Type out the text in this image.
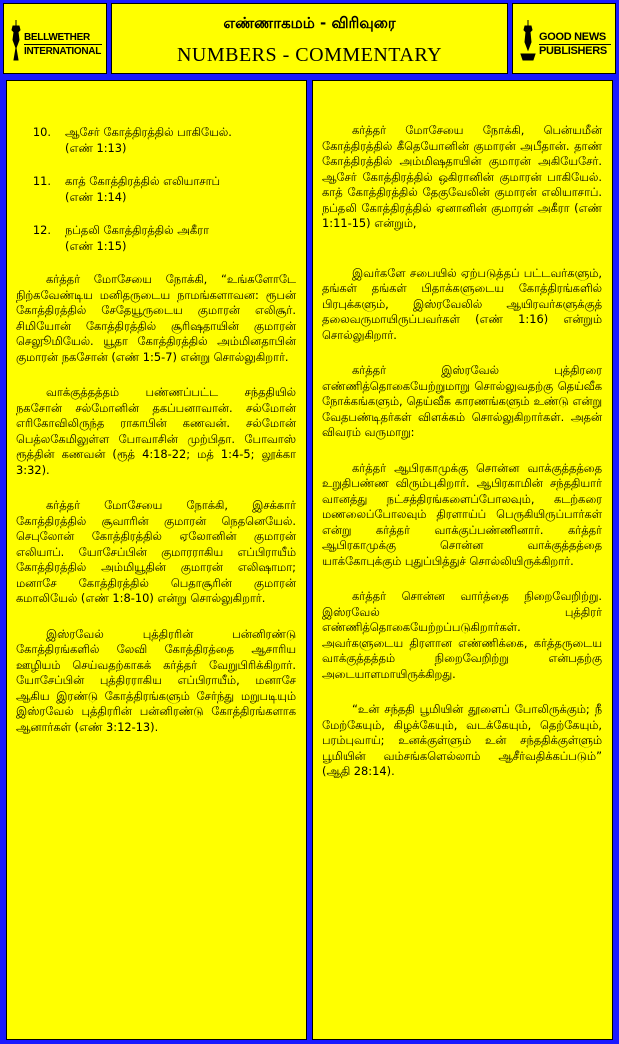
BELLWETHER
INTERNATIONAL
எண்ணாகமம் - விரிவுரை
NUMBERS - COMMENTARY
GOOD NEWS
PUBLISHERS
10.	ஆசேர் கோத்திரத்தில் பாகியேல்.
(எண் 1:13)
11.	காத் கோத்திரத்தில் எலியாசாப்
(எண் 1:14)
12.	நப்தலி கோத்திரத்தில் அகீரா
(எண் 1:15)

கர்த்தர் மோசேயை நோக்கி, “உங்களோடே நிற்கவேண்டிய மனிதருடைய நாமங்களாவன: ரூபன் கோத்திரத்தில் சேதேயூருடைய குமாரன் எலிசூர். சிமியோன் கோத்திரத்தில் சூரிஷதாயின் குமாரன் செலுூமியேல். யூதா கோத்திரத்தில் அம்மினதாபின் குமாரன் நகசோன் (எண் 1:5-7) என்று சொல்லுகிறார்.

வாக்குத்தத்தம் பண்ணப்பட்ட சந்ததியில் நகசோன் சல்மோனின் தகப்பனாவான். சல்மோன் எரிகோவிலிருந்த ராகாபின் கணவன். சல்மோன் பெத்லகேமிலுள்ள போவாசின் முற்பிதா. போவாஸ் ரூத்தின் கணவன் (ரூத் 4:18-22; மத் 1:4-5; லூக்கா 3:32).

கர்த்தர் மோசேயை நோக்கி, இசக்கார் கோத்திரத்தில் சூவாரின் குமாரன் நெதனெயேல். செபுலோன் கோத்திரத்தில் ஏலோனின் குமாரன் எலியாப். யோசேப்பின் குமாரராகிய எப்பிராயீம் கோத்திரத்தில் அம்மியூதின் குமாரன் எலிஷாமா; மனாசே கோத்திரத்தில் பெதாசூரின் குமாரன் கமாலியேல் (எண் 1:8-10) என்று சொல்லுகிறார்.

இஸ்ரவேல் புத்திரரின் பன்னிரண்டு கோத்திரங்களில் லேவி கோத்திரத்தை ஆசாரிய ஊழியம் செய்வதற்காகக் கர்த்தர் வேறுபிரிக்கிறார். யோசேப்பின் புத்திரராகிய எப்பிராயீம், மனாசே ஆகிய இரண்டு கோத்திரங்களும் சேர்ந்து மறுபடியும் இஸ்ரவேல் புத்திரரின் பன்னிரண்டு கோத்திரங்களாக ஆனார்கள் (எண் 3:12-13).

கர்த்தர் மோசேயை நோக்கி, பென்யமீன் கோத்திரத்தில் கீதெயோனின் குமாரன் அபீதான். தாண் கோத்திரத்தில் அம்மிஷதாயின் குமாரன் அகியேசேர். ஆசேர் கோத்திரத்தில் ஒகிரானின் குமாரன் பாகியேல். காத் கோத்திரத்தில் தேகுவேலின் குமாரன் எலியாசாப். நப்தலி கோத்திரத்தில் ஏனானின் குமாரன் அகீரா (எண் 1:11-15) என்றும்,

இவர்களே சபையில் ஏற்படுத்தப் பட்டவர்களும், தங்கள் தங்கள் பிதாக்களுடைய கோத்திரங்களில் பிரபுக்களும், இஸ்ரவேலில் ஆயிரவர்களுக்குத் தலைவருமாயிருப்பவர்கள் (எண் 1:16) என்றும் சொல்லுகிறார்.

கர்த்தர் இஸ்ரவேல் புத்திரரை எண்ணித்தொகையேற்றுமாறு சொல்லுவதற்கு தெய்வீக நோக்கங்களும், தெய்வீக காரணங்களும் உண்டு என்று வேதபண்டிதர்கள் விளக்கம் சொல்லுகிறார்கள். அதன் விவரம் வருமாறு:

கர்த்தர் ஆபிரகாமுக்கு சொன்ன வாக்குத்தத்தை உறுதிபண்ண விரும்புகிறார். ஆபிரகாமின் சந்ததியார் வானத்து நட்சத்திரங்களைப்போலவும், கடற்கரை மணலைப்போலவும் திரளாய்ப் பெருகியிருப்பார்கள் என்று கர்த்தர் வாக்குப்பண்ணினார். கர்த்தர் ஆபிரகாமுக்கு சொன்ன வாக்குத்தத்தை யாக்கோபுக்கும் புதுப்பித்துச் சொல்லியிருக்கிறார்.

கர்த்தர் சொன்ன வார்த்தை நிறைவேறிற்று. இஸ்ரவேல் புத்திரர் எண்ணித்தொகையேற்றப்படுகிறார்கள். அவர்களுடைய திரளான எண்ணிக்கை, கர்த்தருடைய வாக்குத்தத்தம் நிறைவேறிற்று என்பதற்கு அடையாளமாயிருக்கிறது.

“உன் சந்ததி பூமியின் தூளைப் போலிருக்கும்; நீ மேற்கேயும், கிழக்கேயும், வடக்கேயும், தெற்கேயும், பரம்புவாய்; உனக்குள்ளும் உன் சந்ததிக்குள்ளும் பூமியின் வம்சங்களெல்லாம் ஆசீர்வதிக்கப்படும்” (ஆதி 28:14).
